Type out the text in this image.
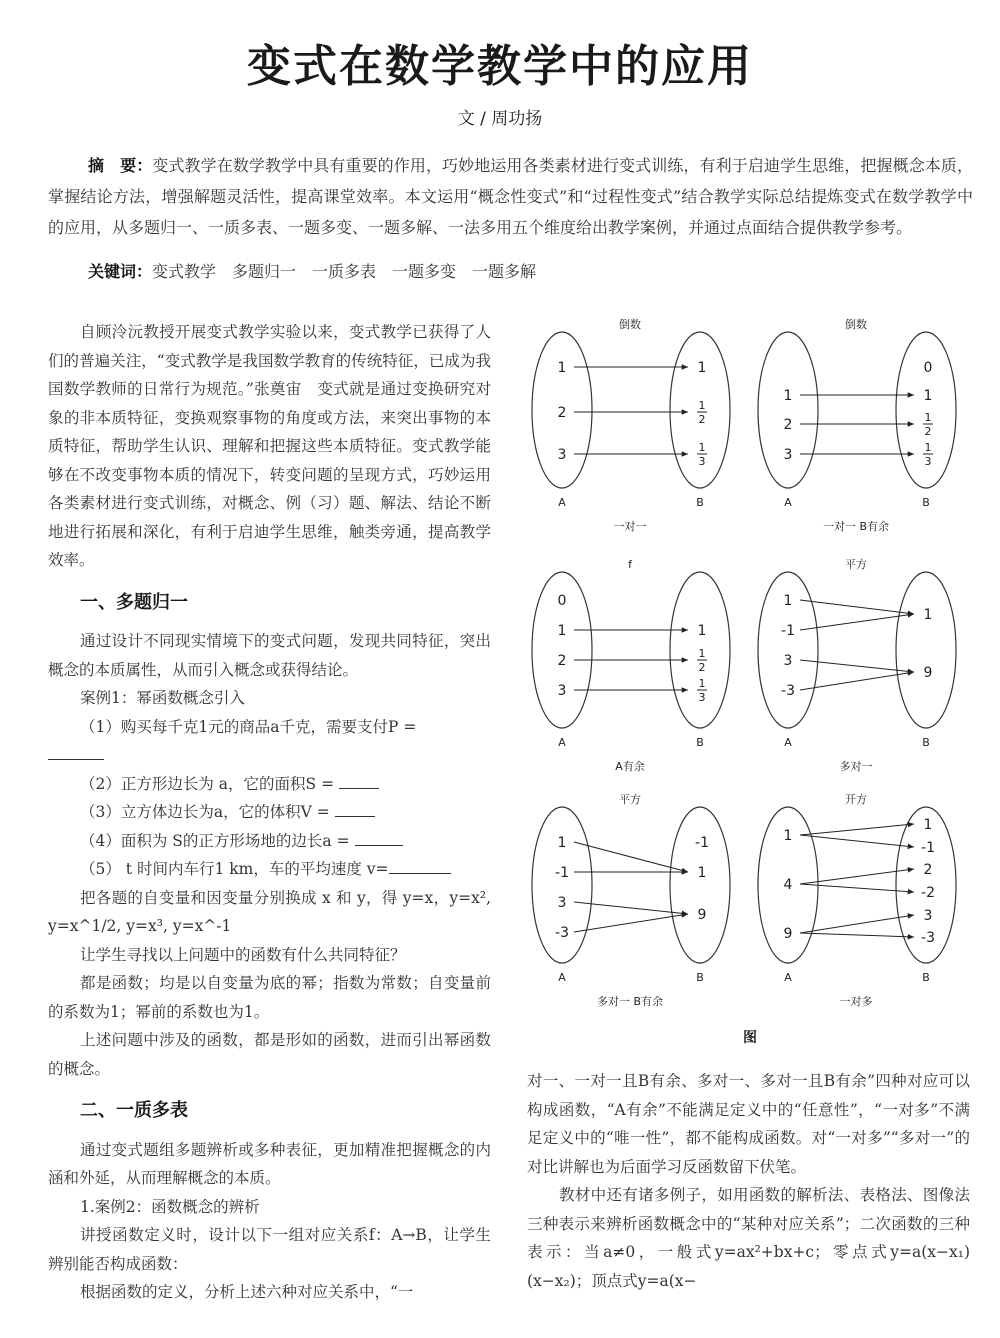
变式在数学教学中的应用
文 / 周功扬
摘　要：变式教学在数学教学中具有重要的作用，巧妙地运用各类素材进行变式训练，有利于启迪学生思维，把握概念本质，掌握结论方法，增强解题灵活性，提高课堂效率。本文运用“概念性变式”和“过程性变式”结合教学实际总结提炼变式在数学教学中的应用，从多题归一、一质多表、一题多变、一题多解、一法多用五个维度给出教学案例，并通过点面结合提供教学参考。
关键词：变式教学　多题归一　一质多表　一题多变　一题多解

自顾泠沅教授开展变式教学实验以来，变式教学已获得了人们的普遍关注，“变式教学是我国数学教育的传统特征，已成为我国数学教师的日常行为规范。”张奠宙　变式就是通过变换研究对象的非本质特征，变换观察事物的角度或方法，来突出事物的本质特征，帮助学生认识、理解和把握这些本质特征。变式教学能够在不改变事物本质的情况下，转变问题的呈现方式，巧妙运用各类素材进行变式训练，对概念、例（习）题、解法、结论不断地进行拓展和深化，有利于启迪学生思维，触类旁通，提高教学效率。

一、多题归一

通过设计不同现实情境下的变式问题，发现共同特征，突出概念的本质属性，从而引入概念或获得结论。

案例1：幂函数概念引入

（1）购买每千克1元的商品a千克，需要支付P =

（2）正方形边长为 a，它的面积S =

（3）立方体边长为a，它的体积V =

（4）面积为 S的正方形场地的边长a =

（5） t 时间内车行1 km，车的平均速度 v=

把各题的自变量和因变量分别换成 x 和 y，得 y=x，y=x², y=x^1/2, y=x³, y=x^-1

让学生寻找以上问题中的函数有什么共同特征？

都是函数；均是以自变量为底的幂；指数为常数；自变量前的系数为1；幂前的系数也为1。

上述问题中涉及的函数，都是形如的函数，进而引出幂函数的概念。

二、一质多表

通过变式题组多题辨析或多种表征，更加精准把握概念的内涵和外延，从而理解概念的本质。

1.案例2：函数概念的辨析

讲授函数定义时，设计以下一组对应关系f：A→B，让学生辨别能否构成函数：

根据函数的定义，分析上述六种对应关系中，“一

倒数
A	B
一对一
1
2
3
1
1
2
1
3
倒数
A	B
一对一 B有余
1
2
3
0
1
1
2
1
3
f
A	B
A有余
0
1
2
3
1
1
2
1
3
平方
A	B
多对一
1
-1
3
-3
1
9
平方
A	B
多对一 B有余
1
-1
3
-3
-1
1
9
开方
A	B
一对多
1
4
9
1
-1
2
-2
3
-3
图

对一、一对一且B有余、多对一、多对一且B有余”四种对应可以构成函数，“A有余”不能满足定义中的“任意性”，“一对多”不满足定义中的“唯一性”，都不能构成函数。对“一对多”“多对一”的对比讲解也为后面学习反函数留下伏笔。

教材中还有诸多例子，如用函数的解析法、表格法、图像法三种表示来辨析函数概念中的“某种对应关系”；二次函数的三种表示：当a≠0，一般式y=ax²+bx+c；零点式y=a(x−x₁)(x−x₂)；顶点式y=a(x−
